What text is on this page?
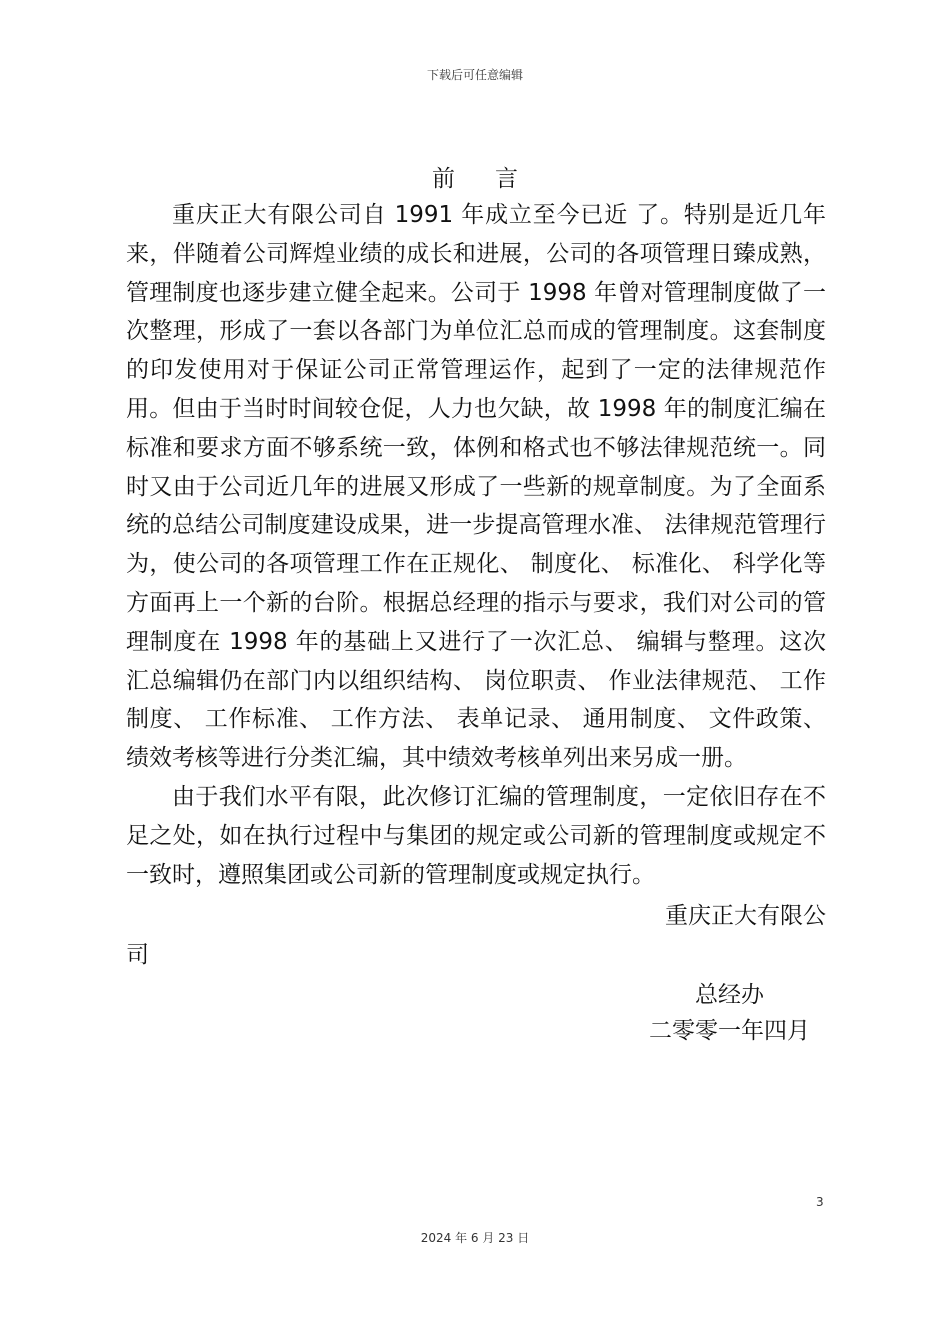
下载后可任意编辑
前言

重庆正大有限公司自 1991 年成立至今已近 了。特别是近几年来，伴随着公司辉煌业绩的成长和进展，公司的各项管理日臻成熟，管理制度也逐步建立健全起来。公司于 1998 年曾对管理制度做了一次整理，形成了一套以各部门为单位汇总而成的管理制度。这套制度的印发使用对于保证公司正常管理运作，起到了一定的法律规范作用。但由于当时时间较仓促，人力也欠缺，故 1998 年的制度汇编在标准和要求方面不够系统一致，体例和格式也不够法律规范统一。同时又由于公司近几年的进展又形成了一些新的规章制度。为了全面系统的总结公司制度建设成果，进一步提高管理水准、 法律规范管理行为，使公司的各项管理工作在正规化、 制度化、 标准化、 科学化等方面再上一个新的台阶。根据总经理的指示与要求，我们对公司的管理制度在 1998 年的基础上又进行了一次汇总、 编辑与整理。这次汇总编辑仍在部门内以组织结构、 岗位职责、 作业法律规范、 工作制度、 工作标准、 工作方法、 表单记录、 通用制度、 文件政策、 绩效考核等进行分类汇编，其中绩效考核单列出来另成一册。

由于我们水平有限，此次修订汇编的管理制度，一定依旧存在不足之处，如在执行过程中与集团的规定或公司新的管理制度或规定不一致时，遵照集团或公司新的管理制度或规定执行。

重庆正大有限公
司
总经办
二零零一年四月
3
2024 年 6 月 23 日
